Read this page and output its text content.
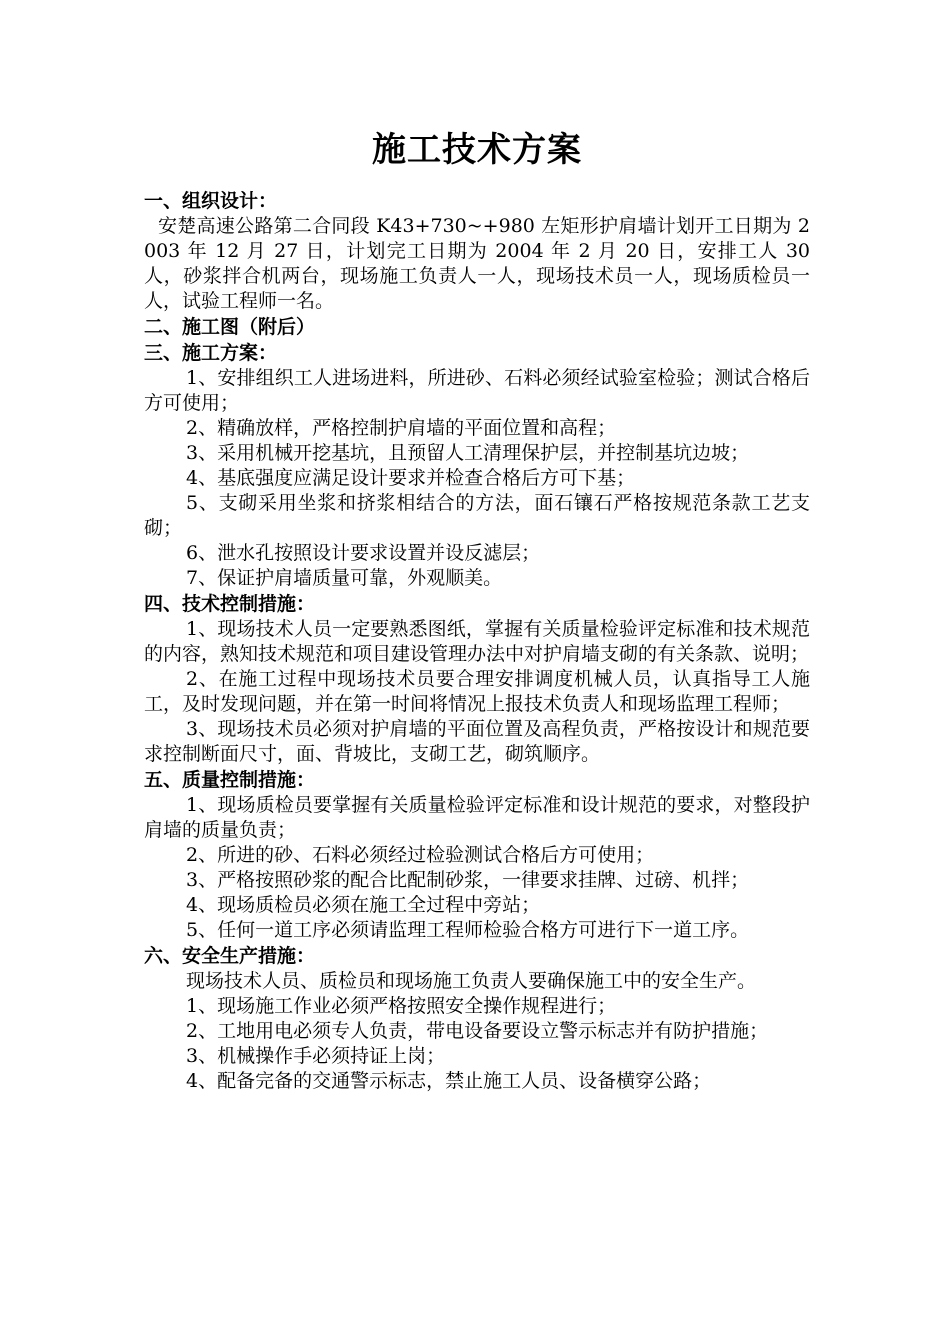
施工技术方案
一、组织设计：
安楚高速公路第二合同段 K43+730~+980 左矩形护肩墙计划开工日期为 2003 年 12 月 27 日，计划完工日期为 2004 年 2 月 20 日，安排工人 30 人，砂浆拌合机两台，现场施工负责人一人，现场技术员一人，现场质检员一人，试验工程师一名。
二、施工图（附后）
三、施工方案：
1、安排组织工人进场进料，所进砂、石料必须经试验室检验；测试合格后方可使用；
2、精确放样，严格控制护肩墙的平面位置和高程；
3、采用机械开挖基坑，且预留人工清理保护层，并控制基坑边坡；
4、基底强度应满足设计要求并检查合格后方可下基；
5、支砌采用坐浆和挤浆相结合的方法，面石镶石严格按规范条款工艺支砌；
6、泄水孔按照设计要求设置并设反滤层；
7、保证护肩墙质量可靠，外观顺美。
四、技术控制措施：
1、现场技术人员一定要熟悉图纸，掌握有关质量检验评定标准和技术规范的内容，熟知技术规范和项目建设管理办法中对护肩墙支砌的有关条款、说明；
2、在施工过程中现场技术员要合理安排调度机械人员，认真指导工人施工，及时发现问题，并在第一时间将情况上报技术负责人和现场监理工程师；
3、现场技术员必须对护肩墙的平面位置及高程负责，严格按设计和规范要求控制断面尺寸，面、背坡比，支砌工艺，砌筑顺序。
五、质量控制措施：
1、现场质检员要掌握有关质量检验评定标准和设计规范的要求，对整段护肩墙的质量负责；
2、所进的砂、石料必须经过检验测试合格后方可使用；
3、严格按照砂浆的配合比配制砂浆，一律要求挂牌、过磅、机拌；
4、现场质检员必须在施工全过程中旁站；
5、任何一道工序必须请监理工程师检验合格方可进行下一道工序。
六、安全生产措施：
现场技术人员、质检员和现场施工负责人要确保施工中的安全生产。
1、现场施工作业必须严格按照安全操作规程进行；
2、工地用电必须专人负责，带电设备要设立警示标志并有防护措施；
3、机械操作手必须持证上岗；
4、配备完备的交通警示标志，禁止施工人员、设备横穿公路；
